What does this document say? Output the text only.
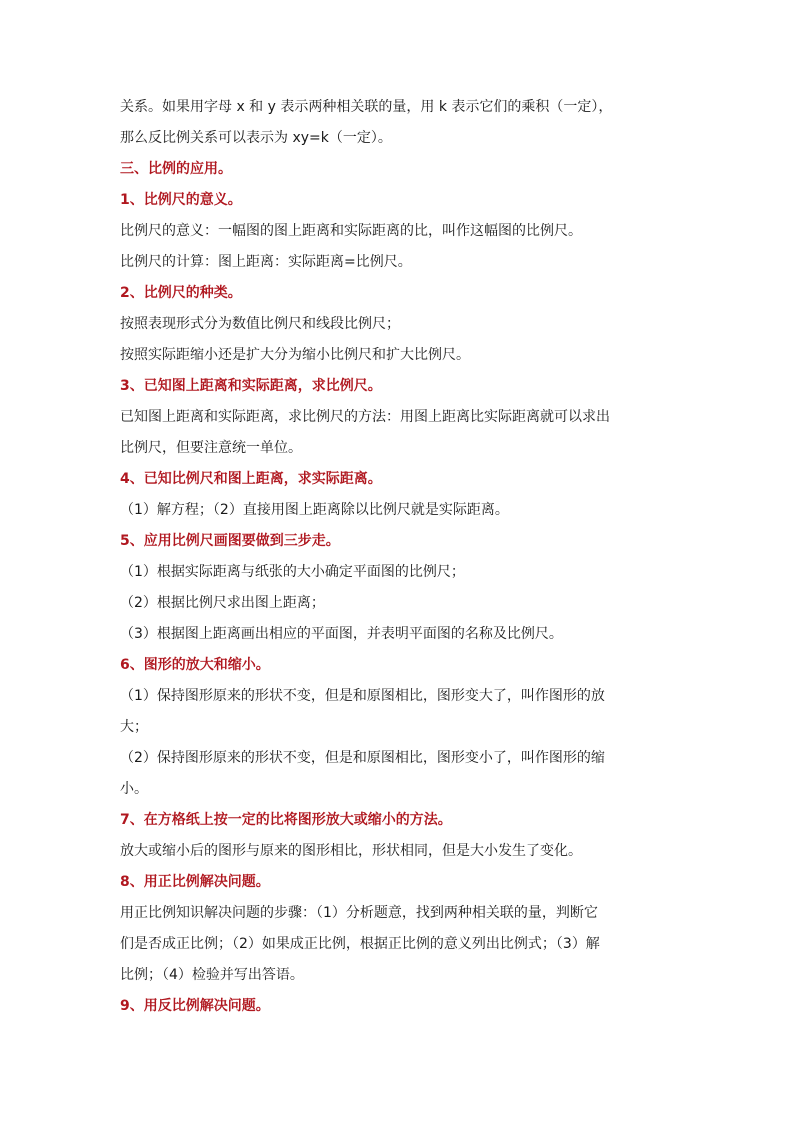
关系。如果用字母 x 和 y 表示两种相关联的量，用 k 表示它们的乘积（一定），
那么反比例关系可以表示为 xy=k（一定）。
三、比例的应用。
1、比例尺的意义。
比例尺的意义：一幅图的图上距离和实际距离的比，叫作这幅图的比例尺。
比例尺的计算：图上距离：实际距离=比例尺。
2、比例尺的种类。
按照表现形式分为数值比例尺和线段比例尺；
按照实际距缩小还是扩大分为缩小比例尺和扩大比例尺。
3、已知图上距离和实际距离，求比例尺。
已知图上距离和实际距离，求比例尺的方法：用图上距离比实际距离就可以求出
比例尺，但要注意统一单位。
4、已知比例尺和图上距离，求实际距离。
（1）解方程；（2）直接用图上距离除以比例尺就是实际距离。
5、应用比例尺画图要做到三步走。
（1）根据实际距离与纸张的大小确定平面图的比例尺；
（2）根据比例尺求出图上距离；
（3）根据图上距离画出相应的平面图，并表明平面图的名称及比例尺。
6、图形的放大和缩小。
（1）保持图形原来的形状不变，但是和原图相比，图形变大了，叫作图形的放
大；
（2）保持图形原来的形状不变，但是和原图相比，图形变小了，叫作图形的缩
小。
7、在方格纸上按一定的比将图形放大或缩小的方法。
放大或缩小后的图形与原来的图形相比，形状相同，但是大小发生了变化。
8、用正比例解决问题。
用正比例知识解决问题的步骤：（1）分析题意，找到两种相关联的量，判断它
们是否成正比例；（2）如果成正比例，根据正比例的意义列出比例式；（3）解
比例；（4）检验并写出答语。
9、用反比例解决问题。
